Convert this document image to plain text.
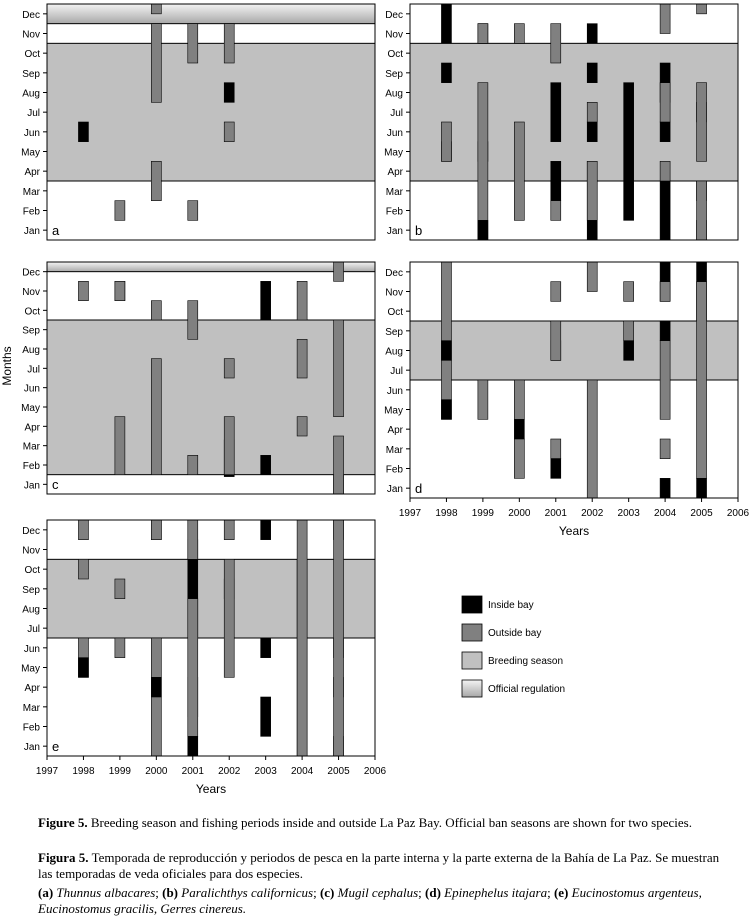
Jan
Feb
Mar
Apr
May
Jun
Jul
Aug
Sep
Oct
Nov
Dec
a	Jan
Feb
Mar
Apr
May
Jun
Jul
Aug
Sep
Oct
Nov
Dec
b
Jan
Feb
Mar
Apr
May
Jun
Jul
Aug
Sep
Oct
Nov
Dec
c	Jan
Feb
Mar
Apr
May
Jun
Jul
Aug
Sep
Oct
Nov
Dec
d
1997 1998 1999 2000 2001 2002 2003 2004 2005 2006
Years
Jan
Feb
Mar
Apr
May
Jun
Jul
Aug
Sep
Oct
Nov
Dec
e
1997 1998 1999 2000 2001 2002 2003 2004 2005 2006
Years
Months
Inside bay
Outside bay
Breeding season
Official regulation
Figure 5. Breeding season and fishing periods inside and outside La Paz Bay. Official ban seasons are shown for two species.
Figura 5. Temporada de reproducción y periodos de pesca en la parte interna y la parte externa de la Bahía de La Paz. Se muestran las temporadas de veda oficiales para dos especies.
(a) Thunnus albacares; (b) Paralichthys californicus; (c) Mugil cephalus; (d) Epinephelus itajara; (e) Eucinostomus argenteus, Eucinostomus gracilis, Gerres cinereus.
